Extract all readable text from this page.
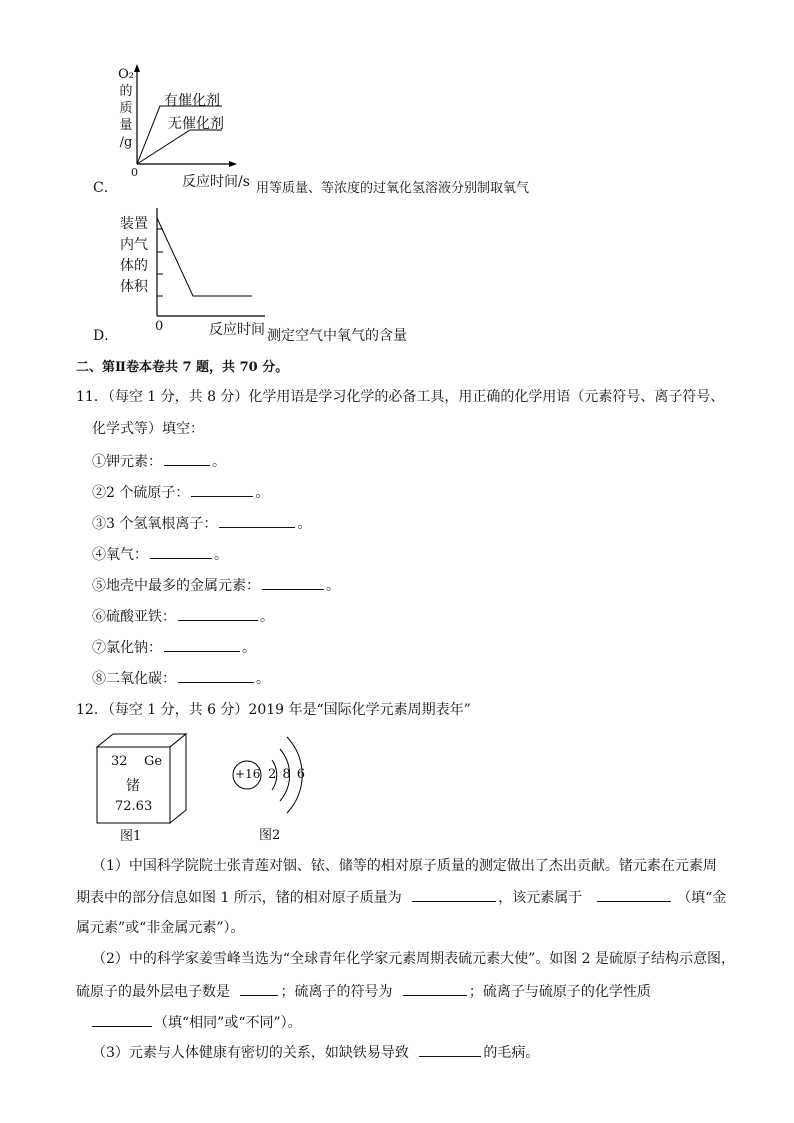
O₂
的
质
量
/g
有催化剂
无催化剂
0
C．	反应时间/s 用等质量、等浓度的过氧化氢溶液分别制取氧气
装置
内气
体的
体积
0
D．	反应时间 测定空气中氧气的含量
二、第Ⅱ卷本卷共 7 题，共 70 分。
11．（每空 1 分，共 8 分）化学用语是学习化学的必备工具，用正确的化学用语（元素符号、离子符号、
化学式等）填空：
①钾元素：	。
②2 个硫原子：	。
③3 个氢氧根离子：	。
④氧气：	。
⑤地壳中最多的金属元素：	。
⑥硫酸亚铁：	。
⑦氯化钠：	。
⑧二氧化碳：	。
12．（每空 1 分，共 6 分）2019 年是“国际化学元素周期表年”
32 Ge
锗
72.63
图1
+16 2 8 6
图2
（1）中国科学院院士张青莲对铟、铱、储等的相对原子质量的测定做出了杰出贡献。锗元素在元素周
期表中的部分信息如图 1 所示，锗的相对原子质量为	，该元素属于	（填“金
属元素”或“非金属元素”）。
（2）中的科学家姜雪峰当选为“全球青年化学家元素周期表硫元素大使”。如图 2 是硫原子结构示意图，
硫原子的最外层电子数是	；硫离子的符号为	；硫离子与硫原子的化学性质
（填“相同”或“不同”）。
（3）元素与人体健康有密切的关系，如缺铁易导致	的毛病。
